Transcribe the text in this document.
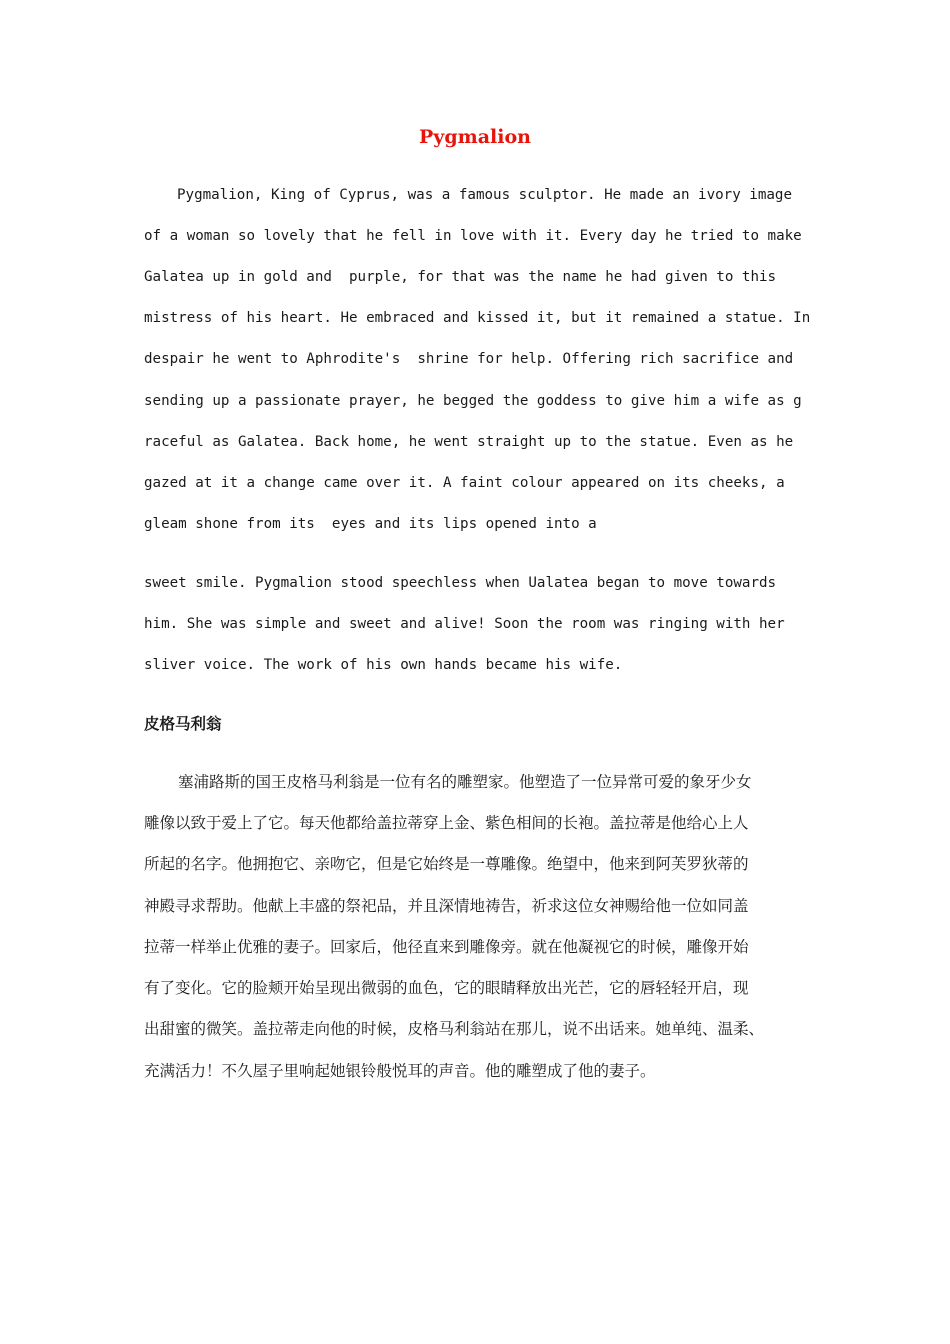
Pygmalion

Pygmalion, King of Cyprus, was a famous sculptor. He made an ivory image

of a woman so lovely that he fell in love with it. Every day he tried to make

Galatea up in gold and  purple, for that was the name he had given to this

mistress of his heart. He embraced and kissed it, but it remained a statue. In

despair he went to Aphrodite's  shrine for help. Offering rich sacrifice and

sending up a passionate prayer, he begged the goddess to give him a wife as g

raceful as Galatea. Back home, he went straight up to the statue. Even as he

gazed at it a change came over it. A faint colour appeared on its cheeks, a

gleam shone from its  eyes and its lips opened into a

sweet smile. Pygmalion stood speechless when Ualatea began to move towards

him. She was simple and sweet and alive! Soon the room was ringing with her

sliver voice. The work of his own hands became his wife.

皮格马利翁

塞浦路斯的国王皮格马利翁是一位有名的雕塑家。他塑造了一位异常可爱的象牙少女

雕像以致于爱上了它。每天他都给盖拉蒂穿上金、紫色相间的长袍。盖拉蒂是他给心上人

所起的名字。他拥抱它、亲吻它，但是它始终是一尊雕像。绝望中，他来到阿芙罗狄蒂的

神殿寻求帮助。他献上丰盛的祭祀品，并且深情地祷告，祈求这位女神赐给他一位如同盖

拉蒂一样举止优雅的妻子。回家后，他径直来到雕像旁。就在他凝视它的时候，雕像开始

有了变化。它的脸颊开始呈现出微弱的血色，它的眼睛释放出光芒，它的唇轻轻开启，现

出甜蜜的微笑。盖拉蒂走向他的时候，皮格马利翁站在那儿，说不出话来。她单纯、温柔、

充满活力！不久屋子里响起她银铃般悦耳的声音。他的雕塑成了他的妻子。
